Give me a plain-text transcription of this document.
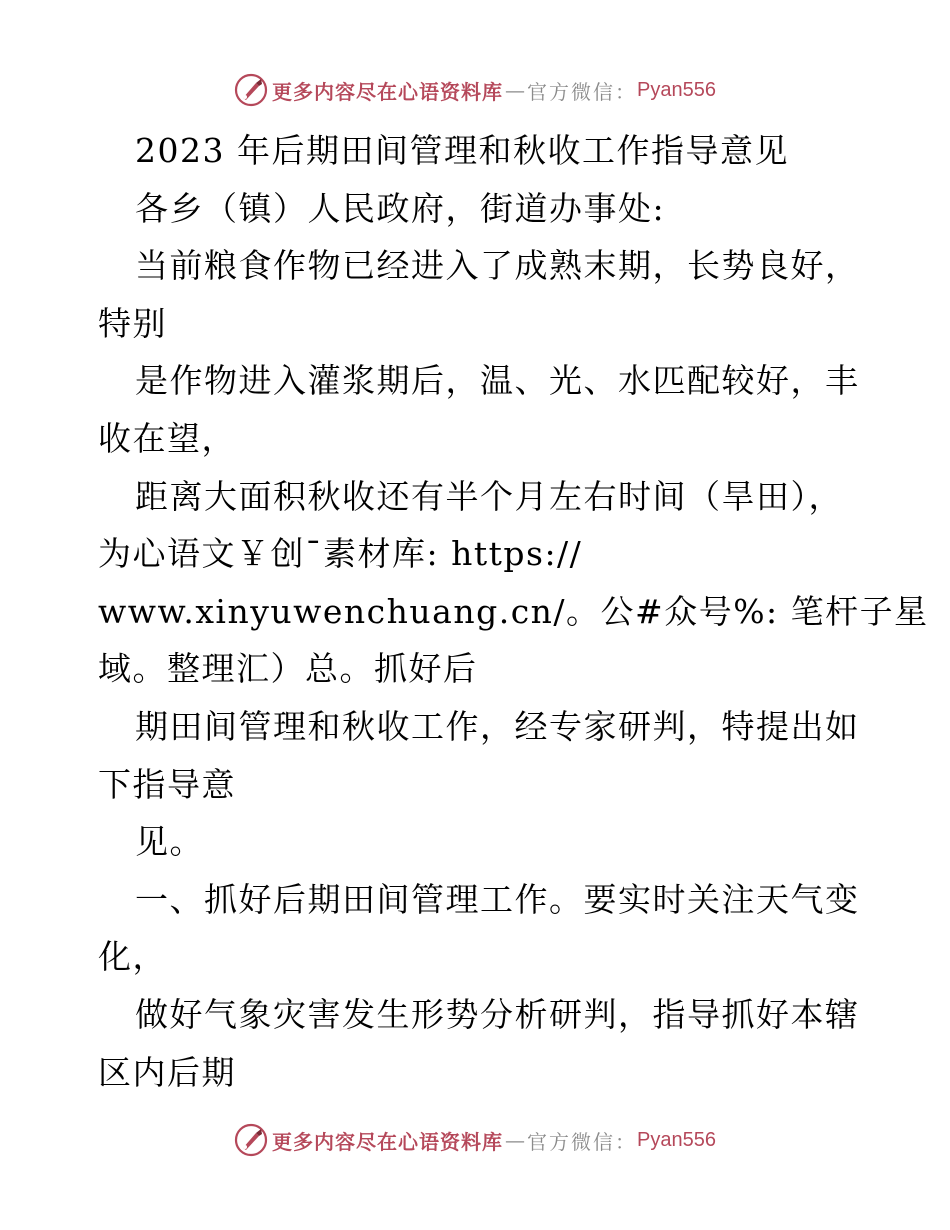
更多内容尽在心语资料库 — 官方微信： Pyan556
2023 年后期田间管理和秋收工作指导意见
各乡（镇）人民政府，街道办事处:
当前粮食作物已经进入了成熟末期，长势良好，
特别
是作物进入灌浆期后，温、光、水匹配较好，丰
收在望，
距离大面积秋收还有半个月左右时间（旱田），
为心语文￥创¯素材库: https://
www.xinyuwenchuang.cn/。公#众号%: 笔杆子星
域。整理汇）总。抓好后
期田间管理和秋收工作，经专家研判，特提出如
下指导意
见。
一、抓好后期田间管理工作。要实时关注天气变
化，
做好气象灾害发生形势分析研判，指导抓好本辖
区内后期
更多内容尽在心语资料库 — 官方微信： Pyan556
